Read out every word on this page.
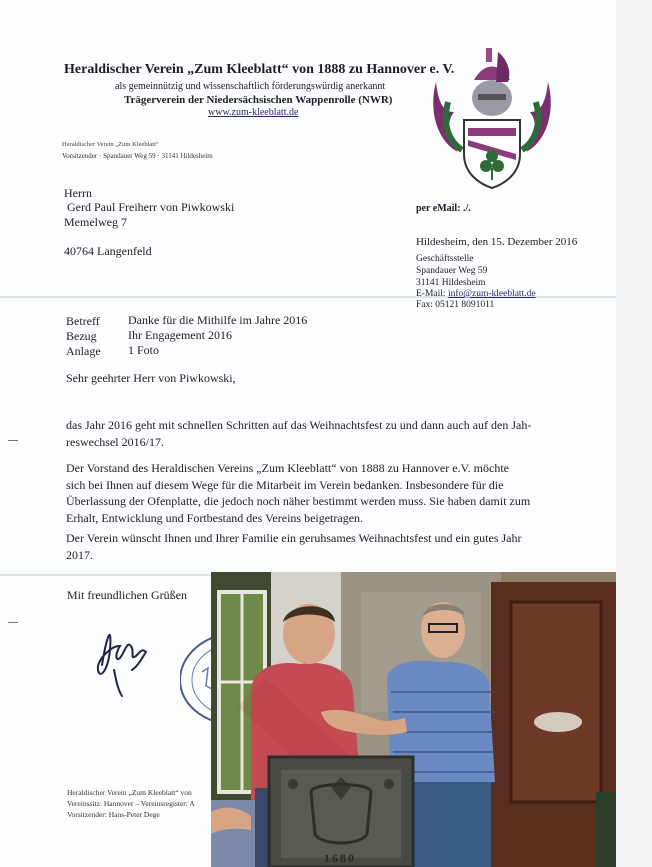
Heraldischer Verein „Zum Kleeblatt“ von 1888 zu Hannover e. V.
als gemeinnützig und wissenschaftlich förderungswürdig anerkannt
Trägerverein der Niedersächsischen Wappenrolle (NWR)
www.zum-kleeblatt.de
Heraldischer Verein „Zum Kleeblatt“
Vorsitzender · Spandauer Weg 59 · 31141 Hildesheim
Herrn
Gerd Paul Freiherr von Piwkowski
Memelweg 7
40764 Langenfeld
per eMail: ./.
Hildesheim, den 15. Dezember 2016
Geschäftsstelle
Spandauer Weg 59
31141 Hildesheim
E-Mail: info@zum-kleeblatt.de
Fax: 05121 8091011
Betreff Danke für die Mithilfe im Jahre 2016
Bezug	Ihr Engagement 2016
Anlage 1 Foto
Sehr geehrter Herr von Piwkowski,
das Jahr 2016 geht mit schnellen Schritten auf das Weihnachtsfest zu und dann auch auf den Jah-
reswechsel 2016/17.
Der Vorstand des Heraldischen Vereins „Zum Kleeblatt“ von 1888 zu Hannover e.V. möchte
sich bei Ihnen auf diesem Wege für die Mitarbeit im Verein bedanken. Insbesondere für die
Überlassung der Ofenplatte, die jedoch noch näher bestimmt werden muss. Sie haben damit zum
Erhalt, Entwicklung und Fortbestand des Vereins beigetragen.
Der Verein wünscht Ihnen und Ihrer Familie ein geruhsames Weihnachtsfest und ein gutes Jahr
2017.
Mit freundlichen Grüßen
Heraldischer Verein „Zum Kleeblatt“ von
Vereinssitz: Hannover – Vereinsregister: A
Vorsitzender: Hans-Peter Dege
1680
